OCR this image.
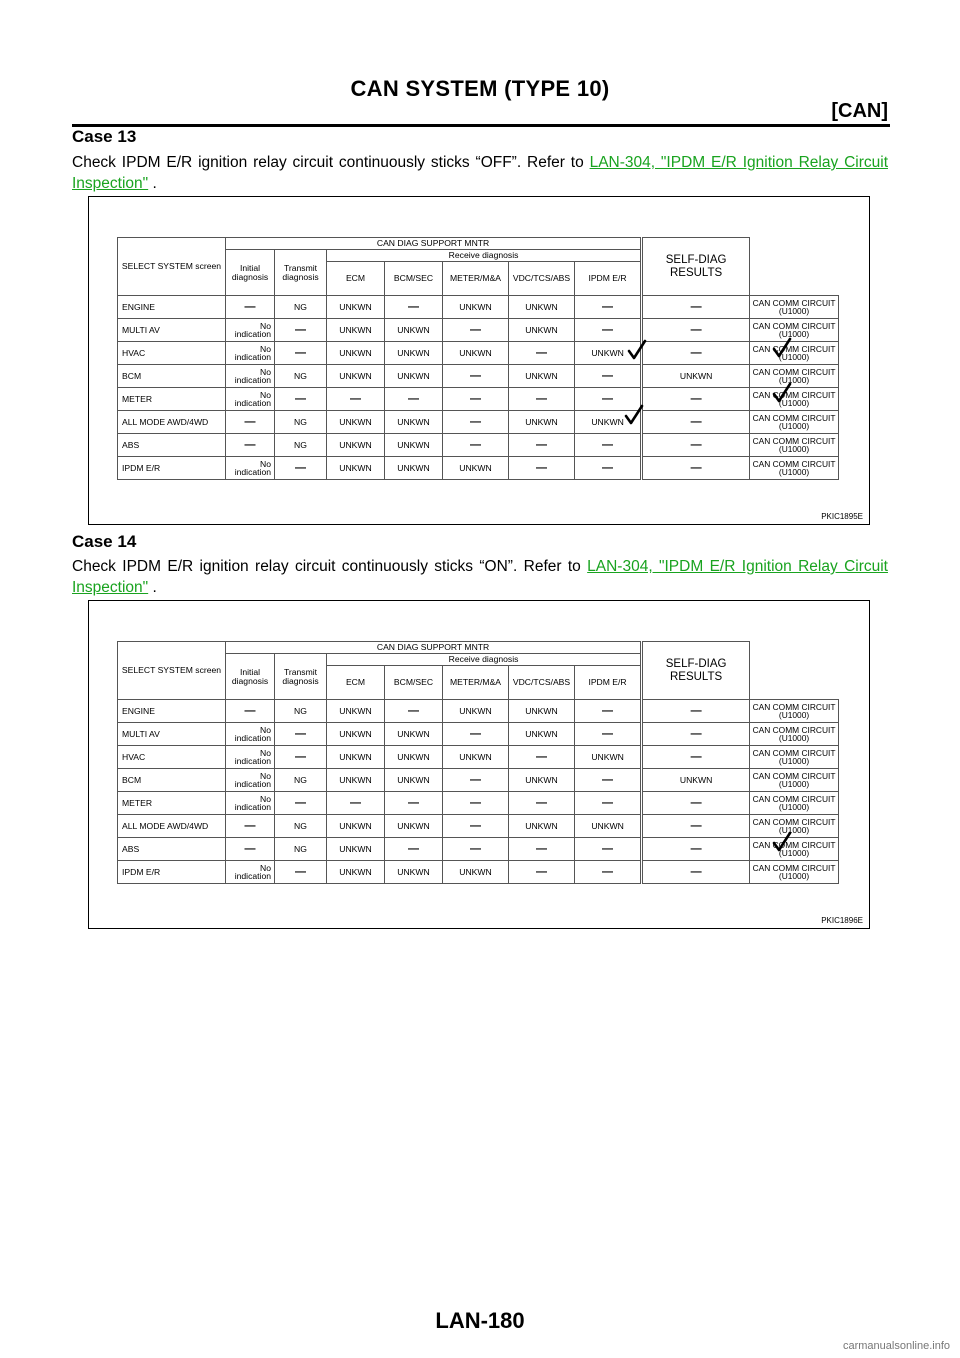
CAN SYSTEM (TYPE 10)
[CAN]
Case 13
Check IPDM E/R ignition relay circuit continuously sticks “OFF”. Refer to LAN-304, "IPDM E/R Ignition Relay Circuit Inspection" .
PKIC1895E
SELECT SYSTEM screen	CAN DIAG SUPPORT MNTR								SELF-DIAG RESULTS	
	Initial diagnosis	Transmit diagnosis	Receive diagnosis							
			ECM	BCM/SEC	METER/M&A	VDC/TCS/ABS	IPDM E/R			
ENGINE	—	NG	UNKWN	—	UNKWN	UNKWN	—		—	CAN COMM CIRCUIT (U1000)
MULTI AV	No indication	—	UNKWN	UNKWN	—	UNKWN	—		—	CAN COMM CIRCUIT (U1000)
HVAC	No indication	—	UNKWN	UNKWN	UNKWN	—	UNKWN		—	CAN COMM CIRCUIT (U1000)
BCM	No indication	NG	UNKWN	UNKWN	—	UNKWN	—		UNKWN	CAN COMM CIRCUIT (U1000)
METER	No indication	—	—	—	—	—	—		—	CAN COMM CIRCUIT (U1000)
ALL MODE AWD/4WD	—	NG	UNKWN	UNKWN	—	UNKWN	UNKWN		—	CAN COMM CIRCUIT (U1000)
ABS	—	NG	UNKWN	UNKWN	—	—	—		—	CAN COMM CIRCUIT (U1000)
IPDM E/R	No indication	—	UNKWN	UNKWN	UNKWN	—	—		—	CAN COMM CIRCUIT (U1000)
Case 14
Check IPDM E/R ignition relay circuit continuously sticks “ON”. Refer to LAN-304, "IPDM E/R Ignition Relay Circuit Inspection" .
PKIC1896E
SELECT SYSTEM screen	CAN DIAG SUPPORT MNTR								SELF-DIAG RESULTS	
	Initial diagnosis	Transmit diagnosis	Receive diagnosis							
			ECM	BCM/SEC	METER/M&A	VDC/TCS/ABS	IPDM E/R			
ENGINE	—	NG	UNKWN	—	UNKWN	UNKWN	—		—	CAN COMM CIRCUIT (U1000)
MULTI AV	No indication	—	UNKWN	UNKWN	—	UNKWN	—		—	CAN COMM CIRCUIT (U1000)
HVAC	No indication	—	UNKWN	UNKWN	UNKWN	—	UNKWN		—	CAN COMM CIRCUIT (U1000)
BCM	No indication	NG	UNKWN	UNKWN	—	UNKWN	—		UNKWN	CAN COMM CIRCUIT (U1000)
METER	No indication	—	—	—	—	—	—		—	CAN COMM CIRCUIT (U1000)
ALL MODE AWD/4WD	—	NG	UNKWN	UNKWN	—	UNKWN	UNKWN		—	CAN COMM CIRCUIT (U1000)
ABS	—	NG	UNKWN	—	—	—	—		—	CAN COMM CIRCUIT (U1000)
IPDM E/R	No indication	—	UNKWN	UNKWN	UNKWN	—	—		—	CAN COMM CIRCUIT (U1000)
LAN-180
carmanualsonline.info
